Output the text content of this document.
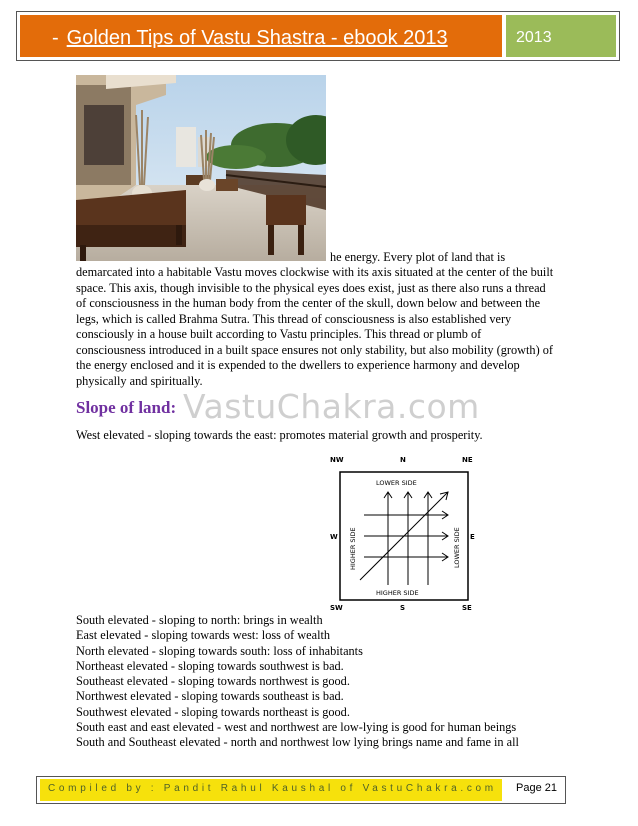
- Golden Tips of Vastu Shastra - ebook 2013	2013
he energy. Every plot of land that is
demarcated into a habitable Vastu moves clockwise with its axis situated at the center of the built
space. This axis, though invisible to the physical eyes does exist, just as there also runs a thread
of consciousness in the human body from the center of the skull, down below and between the
legs, which is called Brahma Sutra. This thread of consciousness is also established very
consciously in a house built according to Vastu principles. This thread or plumb of
consciousness introduced in a built space ensures not only stability, but also mobility (growth) of
the energy enclosed and it is expended to the dwellers to experience harmony and develop
physically and spiritually.
VastuChakra.com
Slope of land:
West elevated - sloping towards the east: promotes material growth and prosperity.
NW	N	NE
W	E
SW	S	SE
LOWER SIDE
HIGHER SIDE
HIGHER SIDE	LOWER SIDE
South elevated - sloping to north: brings in wealth
East elevated - sloping towards west: loss of wealth
North elevated - sloping towards south: loss of inhabitants
Northeast elevated - sloping towards southwest is bad.
Southeast elevated - sloping towards northwest is good.
Northwest elevated - sloping towards southeast is bad.
Southwest elevated - sloping towards northeast is good.
South east and east elevated - west and northwest are low-lying is good for human beings
South and Southeast elevated - north and northwest low lying brings name and fame in all
Compiled by : Pandit Rahul Kaushal of VastuChakra.com Page 21
